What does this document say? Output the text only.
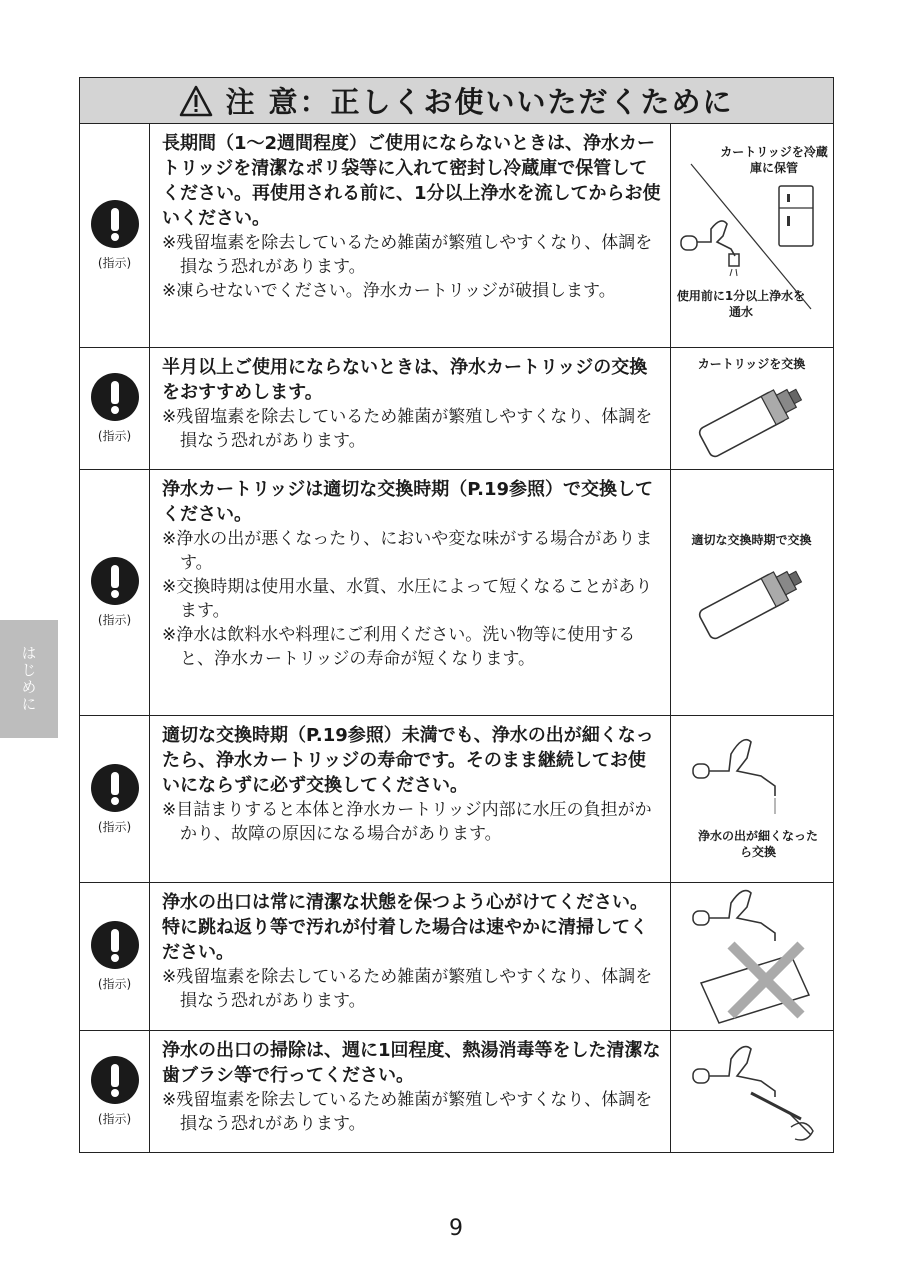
はじめに
注 意：正しくお使いいただくために
(指示)
長期間（1〜2週間程度）ご使用にならないときは、浄水カートリッジを清潔なポリ袋等に入れて密封し冷蔵庫で保管してください。再使用される前に、1分以上浄水を流してからお使いください。
※残留塩素を除去しているため雑菌が繁殖しやすくなり、体調を損なう恐れがあります。
※凍らせないでください。浄水カートリッジが破損します。
カートリッジを冷蔵庫に保管
使用前に1分以上浄水を通水
(指示)
半月以上ご使用にならないときは、浄水カートリッジの交換をおすすめします。
※残留塩素を除去しているため雑菌が繁殖しやすくなり、体調を損なう恐れがあります。
カートリッジを交換
(指示)
浄水カートリッジは適切な交換時期（P.19参照）で交換してください。
※浄水の出が悪くなったり、においや変な味がする場合があります。
※交換時期は使用水量、水質、水圧によって短くなることがあります。
※浄水は飲料水や料理にご利用ください。洗い物等に使用すると、浄水カートリッジの寿命が短くなります。
適切な交換時期で交換
(指示)
適切な交換時期（P.19参照）未満でも、浄水の出が細くなったら、浄水カートリッジの寿命です。そのまま継続してお使いにならずに必ず交換してください。
※目詰まりすると本体と浄水カートリッジ内部に水圧の負担がかかり、故障の原因になる場合があります。	浄水の出が細くなったら交換
(指示)
浄水の出口は常に清潔な状態を保つよう心がけてください。特に跳ね返り等で汚れが付着した場合は速やかに清掃してください。
※残留塩素を除去しているため雑菌が繁殖しやすくなり、体調を損なう恐れがあります。
(指示)
浄水の出口の掃除は、週に1回程度、熱湯消毒等をした清潔な歯ブラシ等で行ってください。
※残留塩素を除去しているため雑菌が繁殖しやすくなり、体調を損なう恐れがあります。
9
